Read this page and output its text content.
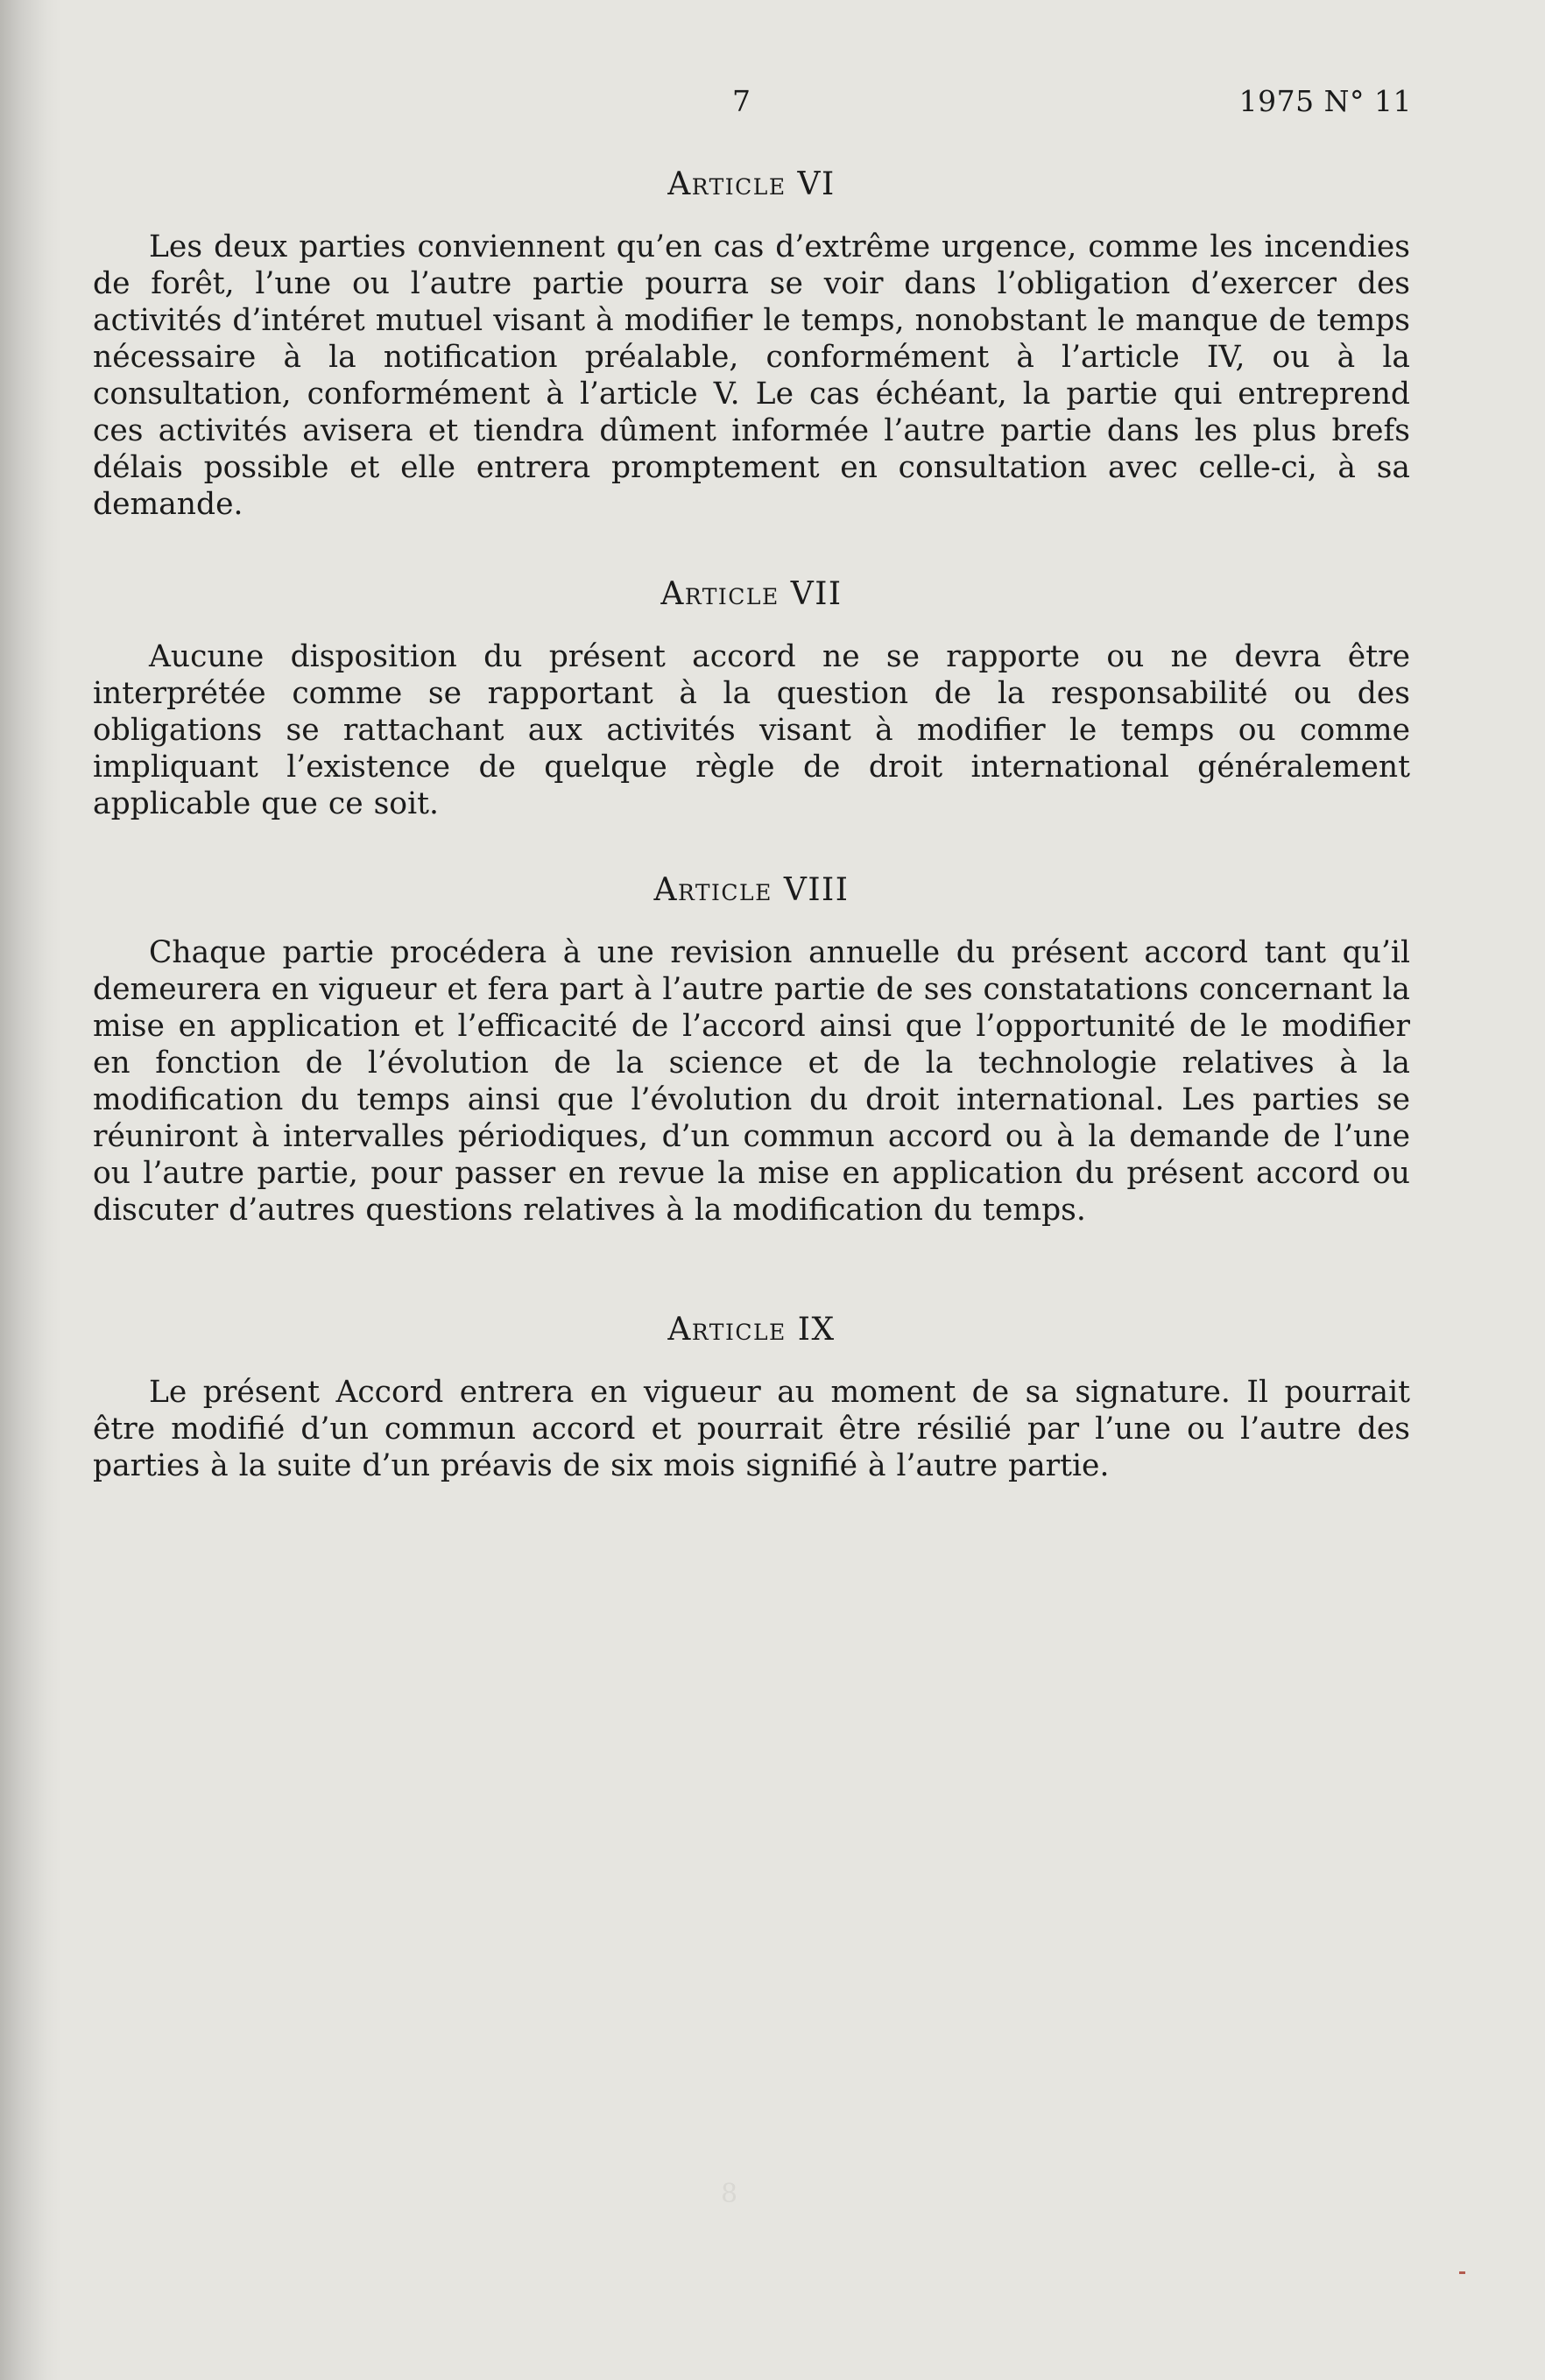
7	1975 N° 11
Article VI

Les deux parties conviennent qu’en cas d’extrême urgence, comme les incendies de forêt, l’une ou l’autre partie pourra se voir dans l’obligation d’exercer des activités d’intéret mutuel visant à modifier le temps, nonobstant le manque de temps nécessaire à la notification préalable, conformément à l’article IV, ou à la consultation, conformément à l’article V. Le cas échéant, la partie qui entreprend ces activités avisera et tiendra dûment informée l’autre partie dans les plus brefs délais possible et elle entrera promptement en consultation avec celle-ci, à sa demande.

Article VII

Aucune disposition du présent accord ne se rapporte ou ne devra être interprétée comme se rapportant à la question de la responsabilité ou des obligations se rattachant aux activités visant à modifier le temps ou comme impliquant l’existence de quelque règle de droit international généralement applicable que ce soit.

Article VIII

Chaque partie procédera à une revision annuelle du présent accord tant qu’il demeurera en vigueur et fera part à l’autre partie de ses constatations concernant la mise en application et l’efficacité de l’accord ainsi que l’opportunité de le modifier en fonction de l’évolution de la science et de la technologie relatives à la modification du temps ainsi que l’évolution du droit international. Les parties se réuniront à intervalles périodiques, d’un commun accord ou à la demande de l’une ou l’autre partie, pour passer en revue la mise en application du présent accord ou discuter d’autres questions relatives à la modification du temps.

Article IX

Le présent Accord entrera en vigueur au moment de sa signature. Il pourrait être modifié d’un commun accord et pourrait être résilié par l’une ou l’autre des parties à la suite d’un préavis de six mois signifié à l’autre partie.

8
